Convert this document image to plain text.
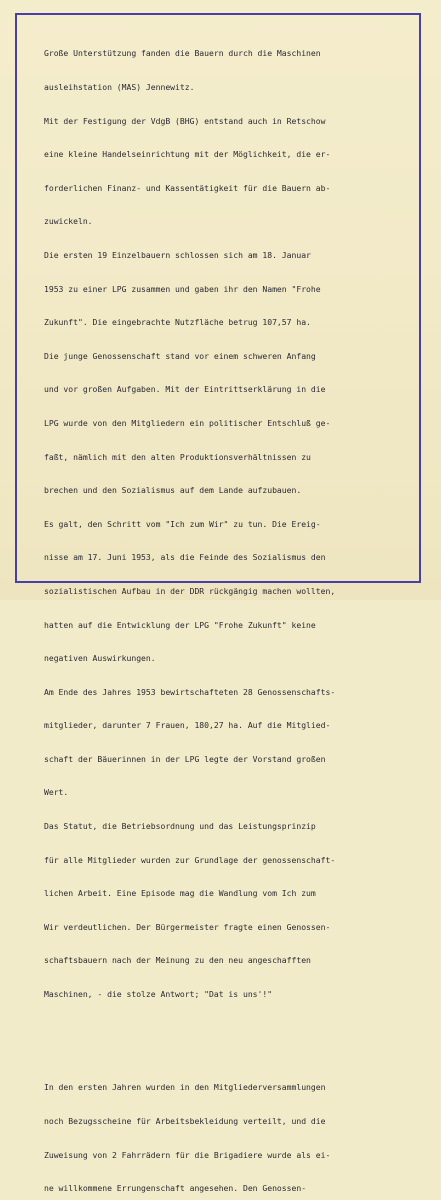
Große Unterstützung fanden die Bauern durch die Maschinen

ausleihstation (MAS) Jennewitz.

Mit der Festigung der VdgB (BHG) entstand auch in Retschow

eine kleine Handelseinrichtung mit der Möglichkeit, die er-

forderlichen Finanz- und Kassentätigkeit für die Bauern ab-

zuwickeln.

Die ersten 19 Einzelbauern schlossen sich am 18. Januar

1953 zu einer LPG zusammen und gaben ihr den Namen "Frohe

Zukunft". Die eingebrachte Nutzfläche betrug 107,57 ha.

Die junge Genossenschaft stand vor einem schweren Anfang

und vor großen Aufgaben. Mit der Eintrittserklärung in die

LPG wurde von den Mitgliedern ein politischer Entschluß ge-

faßt, nämlich mit den alten Produktionsverhältnissen zu

brechen und den Sozialismus auf dem Lande aufzubauen.

Es galt, den Schritt vom "Ich zum Wir" zu tun. Die Ereig-

nisse am 17. Juni 1953, als die Feinde des Sozialismus den

sozialistischen Aufbau in der DDR rückgängig machen wollten,

hatten auf die Entwicklung der LPG "Frohe Zukunft" keine

negativen Auswirkungen.

Am Ende des Jahres 1953 bewirtschafteten 28 Genossenschafts-

mitglieder, darunter 7 Frauen, 180,27 ha. Auf die Mitglied-

schaft der Bäuerinnen in der LPG legte der Vorstand großen

Wert.

Das Statut, die Betriebsordnung und das Leistungsprinzip

für alle Mitglieder wurden zur Grundlage der genossenschaft-

lichen Arbeit. Eine Episode mag die Wandlung vom Ich zum

Wir verdeutlichen. Der Bürgermeister fragte einen Genossen-

schaftsbauern nach der Meinung zu den neu angeschafften

Maschinen, - die stolze Antwort; "Dat is uns'!"

In den ersten Jahren wurden in den Mitgliederversammlungen

noch Bezugsscheine für Arbeitsbekleidung verteilt, und die

Zuweisung von 2 Fahrrädern für die Brigadiere wurde als ei-

ne willkommene Errungenschaft angesehen. Den Genossen-
